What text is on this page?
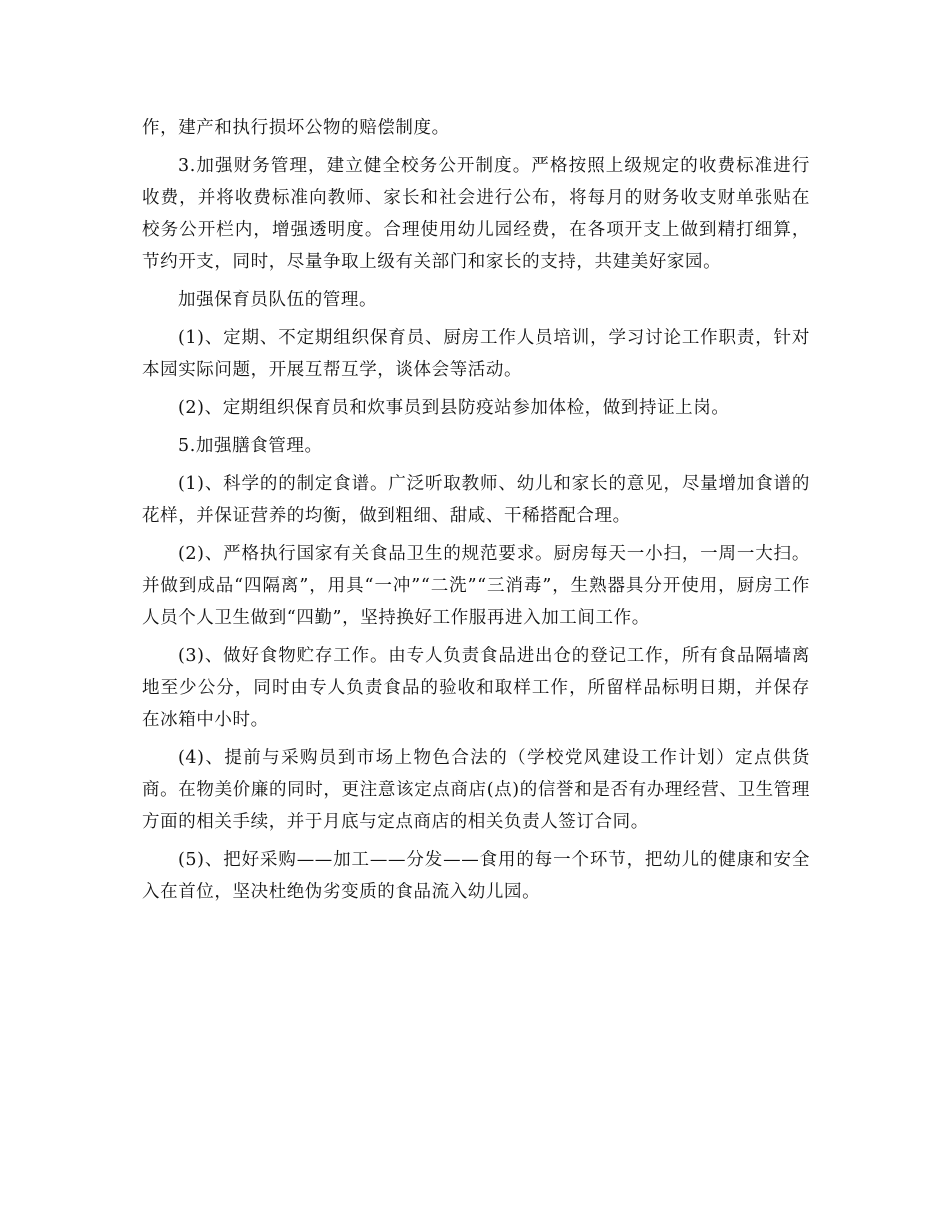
作，建产和执行损坏公物的赔偿制度。

3.加强财务管理，建立健全校务公开制度。严格按照上级规定的收费标准进行收费，并将收费标准向教师、家长和社会进行公布，将每月的财务收支财单张贴在校务公开栏内，增强透明度。合理使用幼儿园经费，在各项开支上做到精打细算，节约开支，同时，尽量争取上级有关部门和家长的支持，共建美好家园。

加强保育员队伍的管理。

(1)、定期、不定期组织保育员、厨房工作人员培训，学习讨论工作职责，针对本园实际问题，开展互帮互学，谈体会等活动。

(2)、定期组织保育员和炊事员到县防疫站参加体检，做到持证上岗。

5.加强膳食管理。

(1)、科学的的制定食谱。广泛听取教师、幼儿和家长的意见，尽量增加食谱的花样，并保证营养的均衡，做到粗细、甜咸、干稀搭配合理。

(2)、严格执行国家有关食品卫生的规范要求。厨房每天一小扫，一周一大扫。并做到成品“四隔离”，用具“一冲”“二洗”“三消毒”，生熟器具分开使用，厨房工作人员个人卫生做到“四勤”，坚持换好工作服再进入加工间工作。

(3)、做好食物贮存工作。由专人负责食品进出仓的登记工作，所有食品隔墙离地至少公分，同时由专人负责食品的验收和取样工作，所留样品标明日期，并保存在冰箱中小时。

(4)、提前与采购员到市场上物色合法的（学校党风建设工作计划）定点供货商。在物美价廉的同时，更注意该定点商店(点)的信誉和是否有办理经营、卫生管理方面的相关手续，并于月底与定点商店的相关负责人签订合同。

(5)、把好采购——加工——分发——食用的每一个环节，把幼儿的健康和安全入在首位，坚决杜绝伪劣变质的食品流入幼儿园。
